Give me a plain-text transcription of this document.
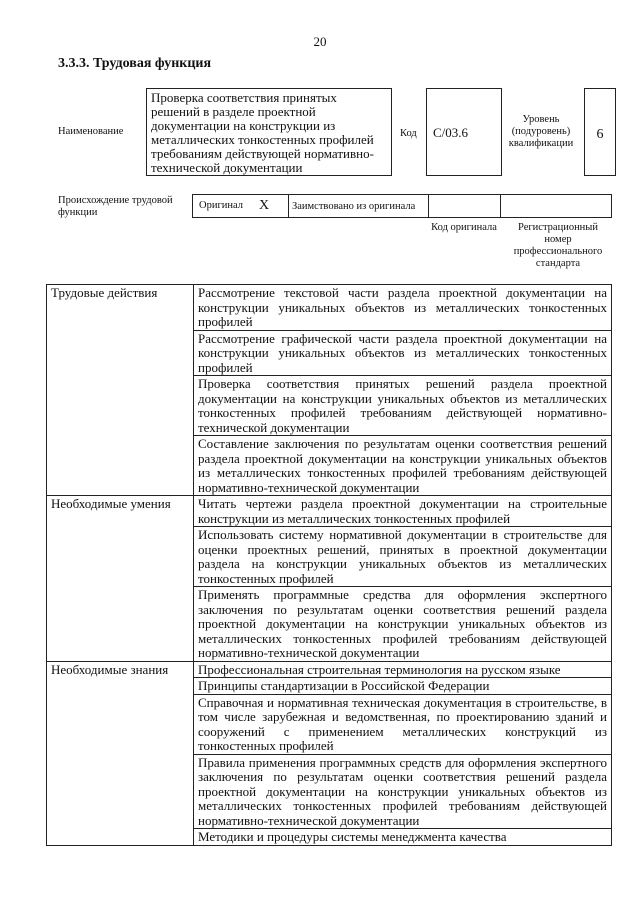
20
3.3.3. Трудовая функция
Наименование
Проверка соответствия принятых решений в разделе проектной документации на конструкции из металлических тонкостенных профилей требованиям действующей нормативно-технической документации
Код	C/03.6
Уровень (подуровень) квалификации
6
Происхождение трудовой функции
Оригинал X Заимствовано из оригинала
Код оригинала	Регистрационный номер профессионального стандарта
Трудовые действия	Рассмотрение текстовой части раздела проектной документации на конструкции уникальных объектов из металлических тонкостенных профилей
	Рассмотрение графической части раздела проектной документации на конструкции уникальных объектов из металлических тонкостенных профилей
	Проверка соответствия принятых решений раздела проектной документации на конструкции уникальных объектов из металлических тонкостенных профилей требованиям действующей нормативно-технической документации
	Составление заключения по результатам оценки соответствия решений раздела проектной документации на конструкции уникальных объектов из металлических тонкостенных профилей требованиям действующей нормативно-технической документации
Необходимые умения	Читать чертежи раздела проектной документации на строительные конструкции из металлических тонкостенных профилей
	Использовать систему нормативной документации в строительстве для оценки проектных решений, принятых в проектной документации раздела на конструкции уникальных объектов из металлических тонкостенных профилей
	Применять программные средства для оформления экспертного заключения по результатам оценки соответствия решений раздела проектной документации на конструкции уникальных объектов из металлических тонкостенных профилей требованиям действующей нормативно-технической документации
Необходимые знания	Профессиональная строительная терминология на русском языке
	Принципы стандартизации в Российской Федерации
	Справочная и нормативная техническая документация в строительстве, в том числе зарубежная и ведомственная, по проектированию зданий и сооружений с применением металлических конструкций из тонкостенных профилей
	Правила применения программных средств для оформления экспертного заключения по результатам оценки соответствия решений раздела проектной документации на конструкции уникальных объектов из металлических тонкостенных профилей требованиям действующей нормативно-технической документации
	Методики и процедуры системы менеджмента качества
